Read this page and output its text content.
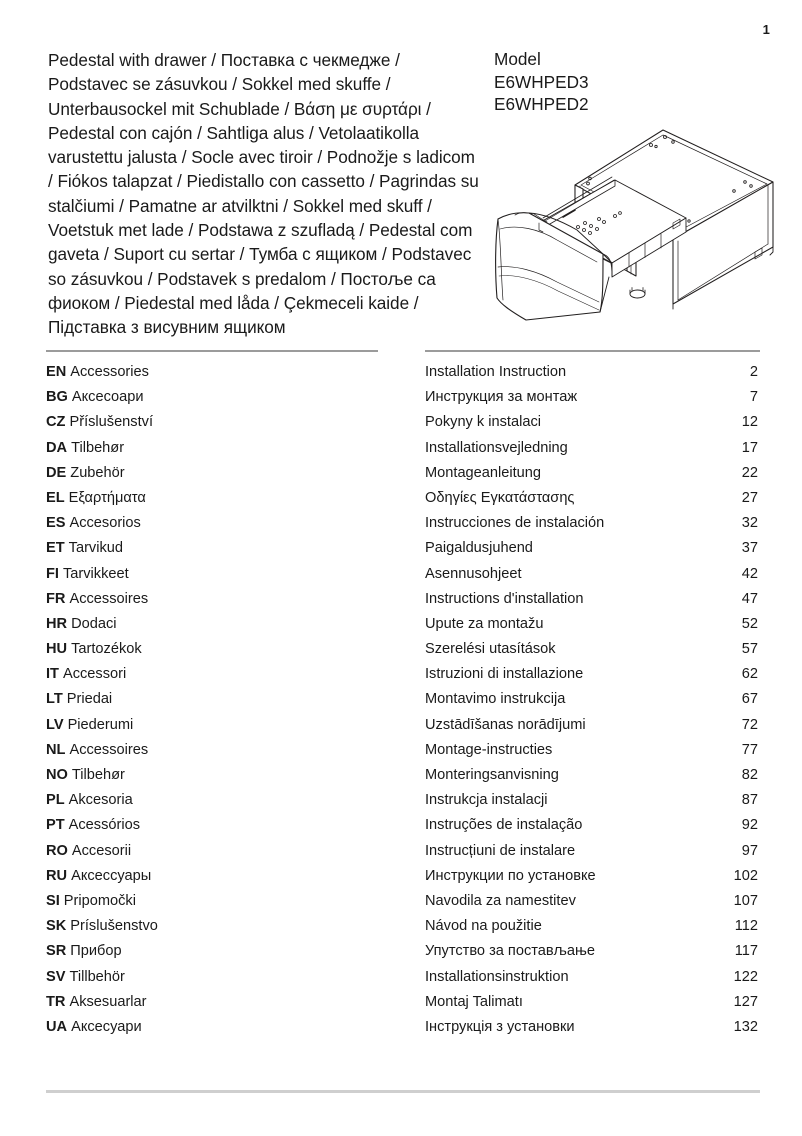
1
Pedestal with drawer / Поставка с чекмедже / Podstavec se zásuvkou / Sokkel med skuffe / Unterbausockel mit Schublade / Βάση με συρτάρι / Pedestal con cajón / Sahtliga alus / Vetolaatikolla varustettu jalusta / Socle avec tiroir / Podnožje s ladicom / Fiókos talapzat / Piedistallo con cassetto / Pagrindas su stalčiumi / Pamatne ar atvilktni / Sokkel med skuff / Voetstuk met lade / Podstawa z szufladą / Pedestal com gaveta / Suport cu sertar / Тумба с ящиком / Podstavec so zásuvkou / Podstavek s predalom / Постоље са фиоком / Piedestal med låda / Çekmeceli kaide / Підставка з висувним ящиком
Model
E6WHPED3
E6WHPED2
EN Accessories	Installation Instruction	2
BG Аксесоари	Инструкция за монтаж	7
CZ Příslušenství	Pokyny k instalaci	12
DA Tilbehør	Installationsvejledning	17
DE Zubehör	Montageanleitung	22
EL Εξαρτήματα	Οδηγίες Εγκατάστασης	27
ES Accesorios	Instrucciones de instalación	32
ET Tarvikud	Paigaldusjuhend	37
FI Tarvikkeet	Asennusohjeet	42
FR Accessoires	Instructions d'installation	47
HR Dodaci	Upute za montažu	52
HU Tartozékok	Szerelési utasítások	57
IT Accessori	Istruzioni di installazione	62
LT Priedai	Montavimo instrukcija	67
LV Piederumi	Uzstādīšanas norādījumi	72
NL Accessoires	Montage-instructies	77
NO Tilbehør	Monteringsanvisning	82
PL Akcesoria	Instrukcja instalacji	87
PT Acessórios	Instruções de instalação	92
RO Accesorii	Instrucțiuni de instalare	97
RU Аксессуары	Инструкции по установке	102
SI Pripomočki	Navodila za namestitev	107
SK Príslušenstvo	Návod na použitie	112
SR Прибор	Упутство за постављање	117
SV Tillbehör	Installationsinstruktion	122
TR Aksesuarlar	Montaj Talimatı	127
UA Аксесуари	Інструкція з установки	132
